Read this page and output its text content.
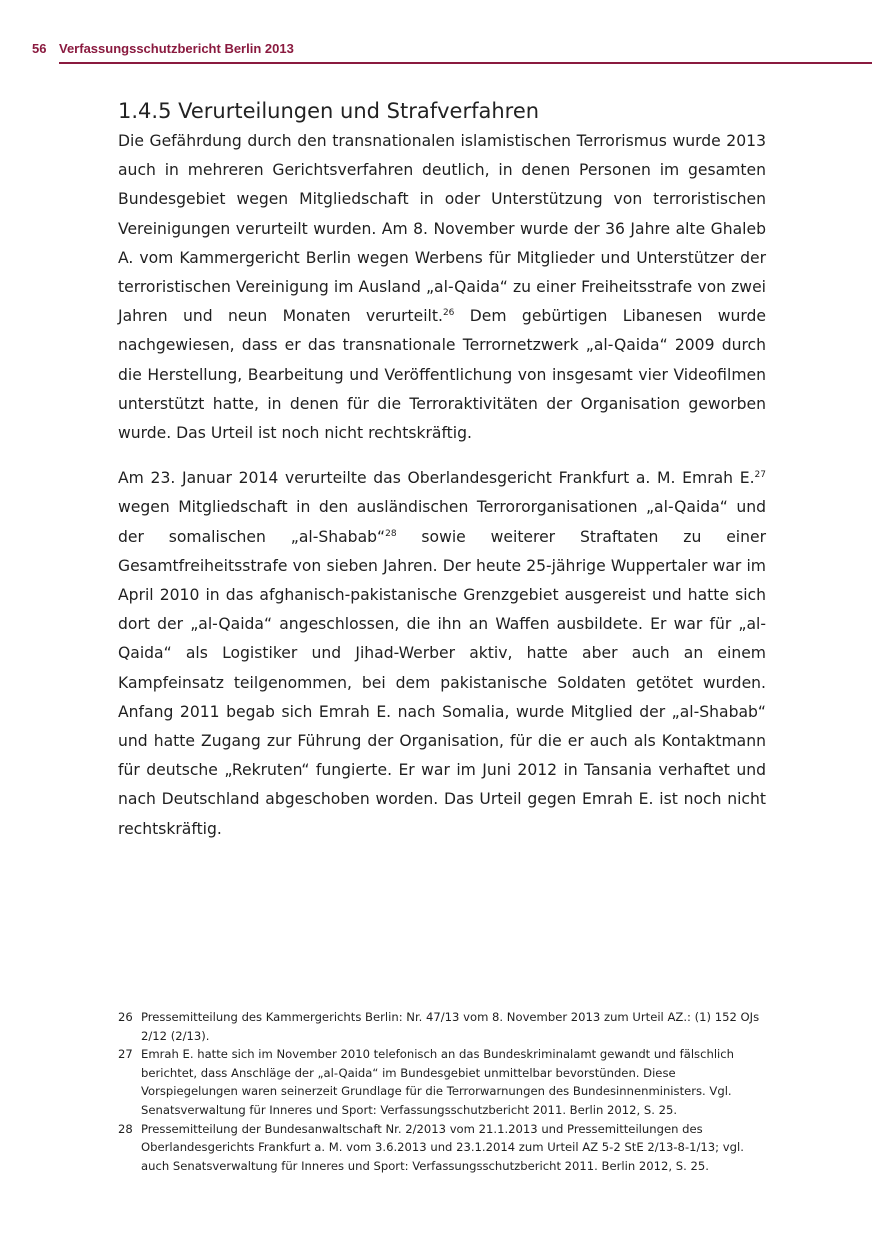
56 Verfassungsschutzbericht Berlin 2013
1.4.5 Verurteilungen und Strafverfahren

Die Gefährdung durch den transnationalen islamistischen Terrorismus wurde 2013 auch in mehreren Gerichtsverfahren deutlich, in denen Personen im gesamten Bundesgebiet wegen Mitgliedschaft in oder Unterstützung von terroristischen Vereinigungen verurteilt wurden. Am 8. November wurde der 36 Jahre alte Ghaleb A. vom Kammergericht Berlin wegen Werbens für Mitglieder und Unterstützer der terroristischen Vereinigung im Ausland „al-Qaida“ zu einer Freiheitsstrafe von zwei Jahren und neun Monaten verurteilt.$^{26}$ Dem gebürtigen Libanesen wurde nachgewiesen, dass er das transnationale Terrornetzwerk „al-Qaida“ 2009 durch die Herstellung, Bearbeitung und Veröffentlichung von insgesamt vier Videofilmen unterstützt hatte, in denen für die Terroraktivitäten der Organisation geworben wurde. Das Urteil ist noch nicht rechtskräftig.

Am 23. Januar 2014 verurteilte das Oberlandesgericht Frankfurt a. M. Emrah E.$^{27}$ wegen Mitgliedschaft in den ausländischen Terrororganisationen „al-Qaida“ und der somalischen „al-Shabab“$^{28}$ sowie weiterer Straftaten zu einer Gesamtfreiheitsstrafe von sieben Jahren. Der heute 25-jährige Wuppertaler war im April 2010 in das afghanisch-pakistanische Grenzgebiet ausgereist und hatte sich dort der „al-Qaida“ angeschlossen, die ihn an Waffen ausbildete. Er war für „al-Qaida“ als Logistiker und Jihad-Werber aktiv, hatte aber auch an einem Kampfeinsatz teilgenommen, bei dem pakistanische Soldaten getötet wurden. Anfang 2011 begab sich Emrah E. nach Somalia, wurde Mitglied der „al-Shabab“ und hatte Zugang zur Führung der Organisation, für die er auch als Kontaktmann für deutsche „Rekruten“ fungierte. Er war im Juni 2012 in Tansania verhaftet und nach Deutschland abgeschoben worden. Das Urteil gegen Emrah E. ist noch nicht rechtskräftig.

26 Pressemitteilung des Kammergerichts Berlin: Nr. 47/13 vom 8. November 2013 zum Urteil AZ.: (1) 152 OJs 2/12 (2/13).
27 Emrah E. hatte sich im November 2010 telefonisch an das Bundeskriminalamt gewandt und fälschlich berichtet, dass Anschläge der „al-Qaida“ im Bundesgebiet unmittelbar bevorstünden. Diese Vorspiegelungen waren seinerzeit Grundlage für die Terrorwarnungen des Bundesinnenministers. Vgl. Senatsverwaltung für Inneres und Sport: Verfassungsschutzbericht 2011. Berlin 2012, S. 25.
28 Pressemitteilung der Bundesanwaltschaft Nr. 2/2013 vom 21.1.2013 und Pressemitteilungen des Oberlandesgerichts Frankfurt a. M. vom 3.6.2013 und 23.1.2014 zum Urteil AZ 5-2 StE 2/13-8-1/13; vgl. auch Senatsverwaltung für Inneres und Sport: Verfassungsschutzbericht 2011. Berlin 2012, S. 25.
